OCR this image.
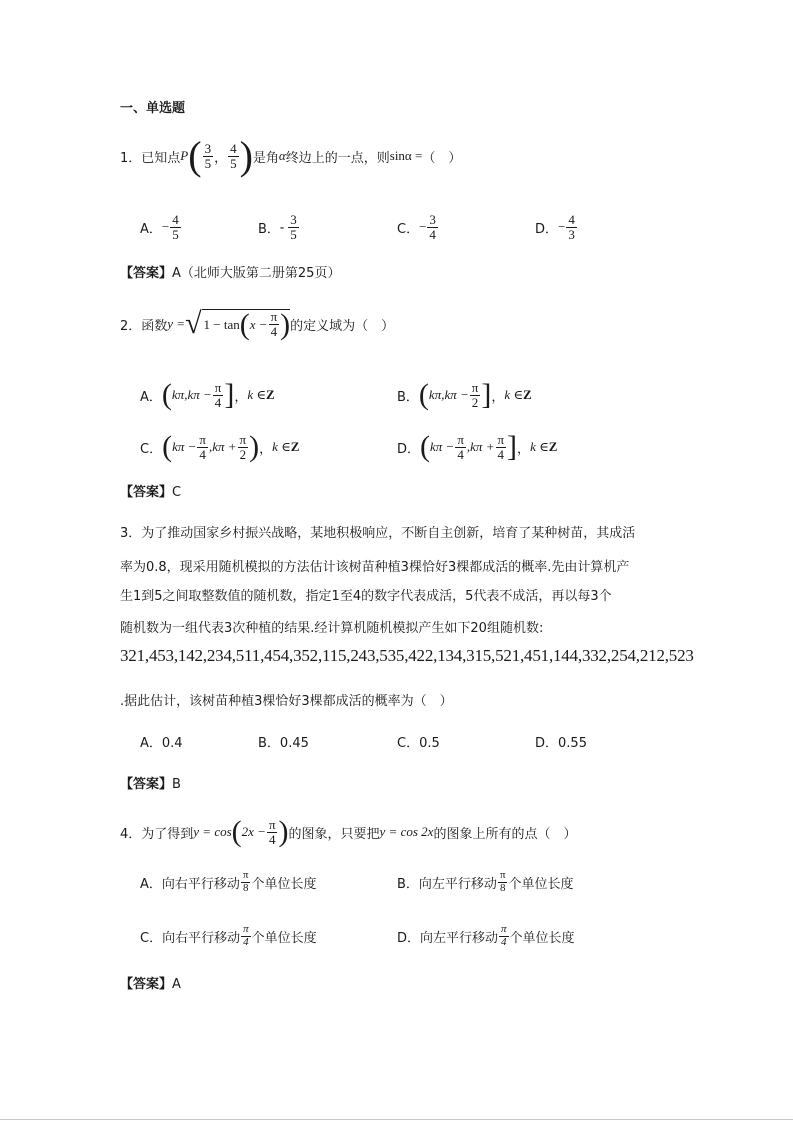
一、单选题
1．已知点 P ( $\frac{3}{5}$ ， $\frac{4}{5}$ ) 是角 α 终边上的一点，则 sinα = （　）
A． − $\frac{4}{5}$	B． - $\frac{3}{5}$	C． − $\frac{3}{4}$	D． − $\frac{4}{3}$
【答案】A（北师大版第二册第25页）
2．函数 y = √ 1 − tan ( $x - \frac{\pi}{4}$ ) 的定义域为（　）
A． ( $k\pi,k\pi - \frac{\pi}{4}$ ] ， k ∈ Z	B． ( $k\pi,k\pi - \frac{\pi}{2}$ ] ， k ∈ Z
C． ( $k\pi - \frac{\pi}{4} ,k\pi + \frac{\pi}{2}$ ) ， k ∈ Z	D． ( $k\pi - \frac{\pi}{4} ,k\pi + \frac{\pi}{4}$ ] ， k ∈ Z
【答案】C
3．为了推动国家乡村振兴战略，某地积极响应，不断自主创新，培育了某种树苗，其成活
率为0.8，现采用随机模拟的方法估计该树苗种植3棵恰好3棵都成活的概率.先由计算机产
生1到5之间取整数值的随机数，指定1至4的数字代表成活，5代表不成活，再以每3个
随机数为一组代表3次种植的结果.经计算机随机模拟产生如下20组随机数:
321,453,142,234,511,454,352,115,243,535,422,134,315,521,451,144,332,254,212,523
.据此估计，该树苗种植3棵恰好3棵都成活的概率为（　）
A．0.4	B．0.45	C．0.5	D．0.55
【答案】B
4．为了得到 y = cos ( $2x - \frac{\pi}{4}$ ) 的图象，只要把 y = cos 2x 的图象上所有的点（　）
A． 向右平行移动 $\frac{\pi}{8}$ 个单位长度	B． 向左平行移动 $\frac{\pi}{8}$ 个单位长度
C． 向右平行移动 $\frac{\pi}{4}$ 个单位长度	D． 向左平行移动 $\frac{\pi}{4}$ 个单位长度
【答案】A
